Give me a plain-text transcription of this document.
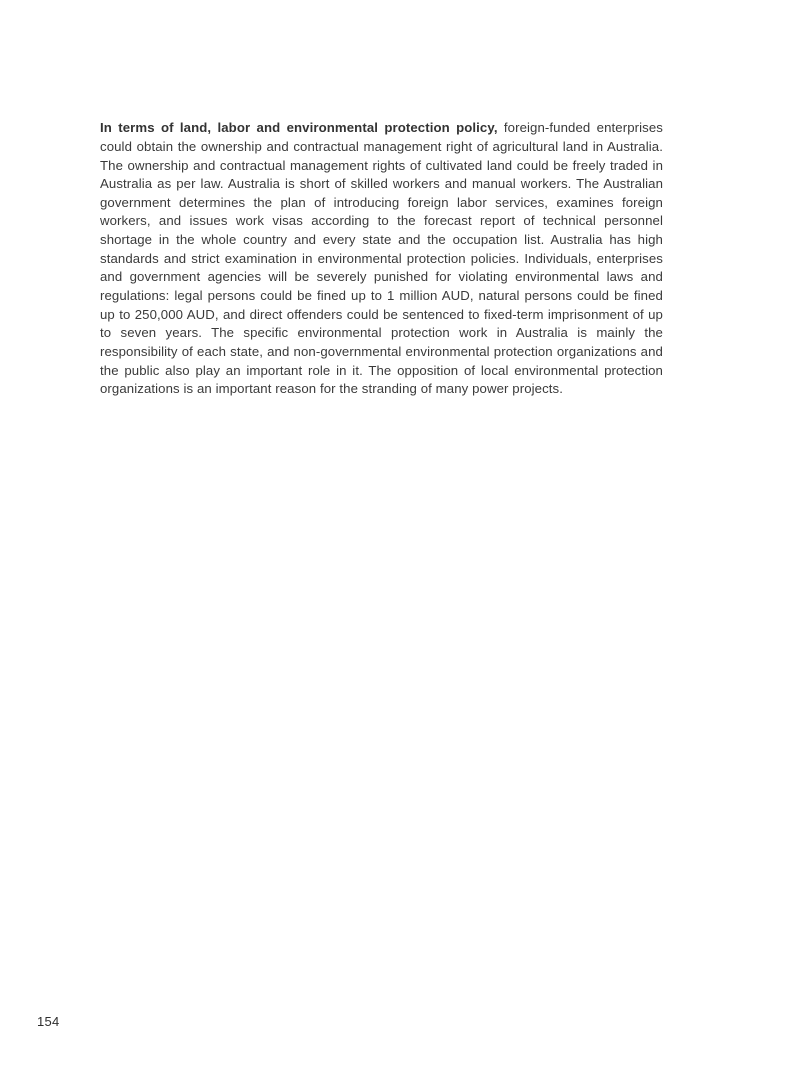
In terms of land, labor and environmental protection policy, foreign-funded enterprises could obtain the ownership and contractual management right of agricultural land in Australia. The ownership and contractual management rights of cultivated land could be freely traded in Australia as per law. Australia is short of skilled workers and manual workers. The Australian government determines the plan of introducing foreign labor services, examines foreign workers, and issues work visas according to the forecast report of technical personnel shortage in the whole country and every state and the occupation list. Australia has high standards and strict examination in environmental protection policies. Individuals, enterprises and government agencies will be severely punished for violating environmental laws and regulations: legal persons could be fined up to 1 million AUD, natural persons could be fined up to 250,000 AUD, and direct offenders could be sentenced to fixed-term imprisonment of up to seven years. The specific environmental protection work in Australia is mainly the responsibility of each state, and non-governmental environmental protection organizations and the public also play an important role in it. The opposition of local environmental protection organizations is an important reason for the stranding of many power projects.

154
